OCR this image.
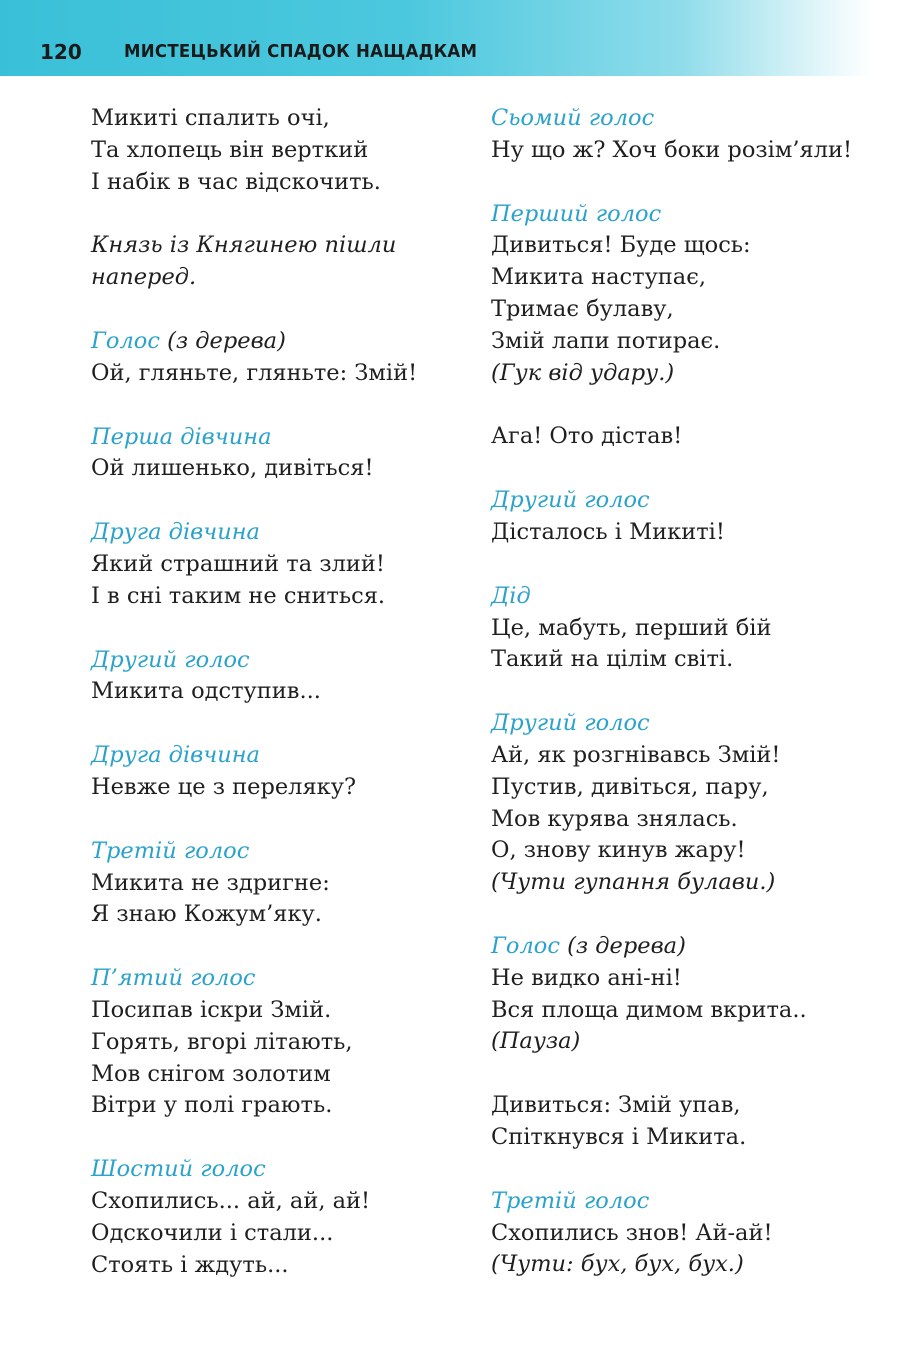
120 МИСТЕЦЬКИЙ СПАДОК НАЩАДКАМ
Микиті спалить очі,
Та хлопець він верткий
І набік в час відскочить.
Князь із Княгинею пішли
наперед.
Голос (з дерева)
Ой, гляньте, гляньте: Змій!
Перша дівчина
Ой лишенько, дивіться!
Друга дівчина
Який страшний та злий!
І в сні таким не сниться.
Другий голос
Микита одступив...
Друга дівчина
Невже це з переляку?
Третій голос
Микита не здригне:
Я знаю Кожум’яку.
П’ятий голос
Посипав іскри Змій.
Горять, вгорі літають,
Мов снігом золотим
Вітри у полі грають.
Шостий голос
Схопились... ай, ай, ай!
Одскочили і стали...
Стоять і ждуть...
Сьомий голос
Ну що ж? Хоч боки розім’яли!
Перший голос
Дивиться! Буде щось:
Микита наступає,
Тримає булаву,
Змій лапи потирає.
(Гук від удару.)
Ага! Ото дістав!
Другий голос
Дісталось і Микиті!
Дід
Це, мабуть, перший бій
Такий на цілім світі.
Другий голос
Ай, як розгнівавсь Змій!
Пустив, дивіться, пару,
Мов курява знялась.
О, знову кинув жару!
(Чути гупання булави.)
Голос (з дерева)
Не видко ані-ні!
Вся площа димом вкрита..
(Пауза)
Дивиться: Змій упав,
Спіткнувся і Микита.
Третій голос
Схопились знов! Ай-ай!
(Чути: бух, бух, бух.)
